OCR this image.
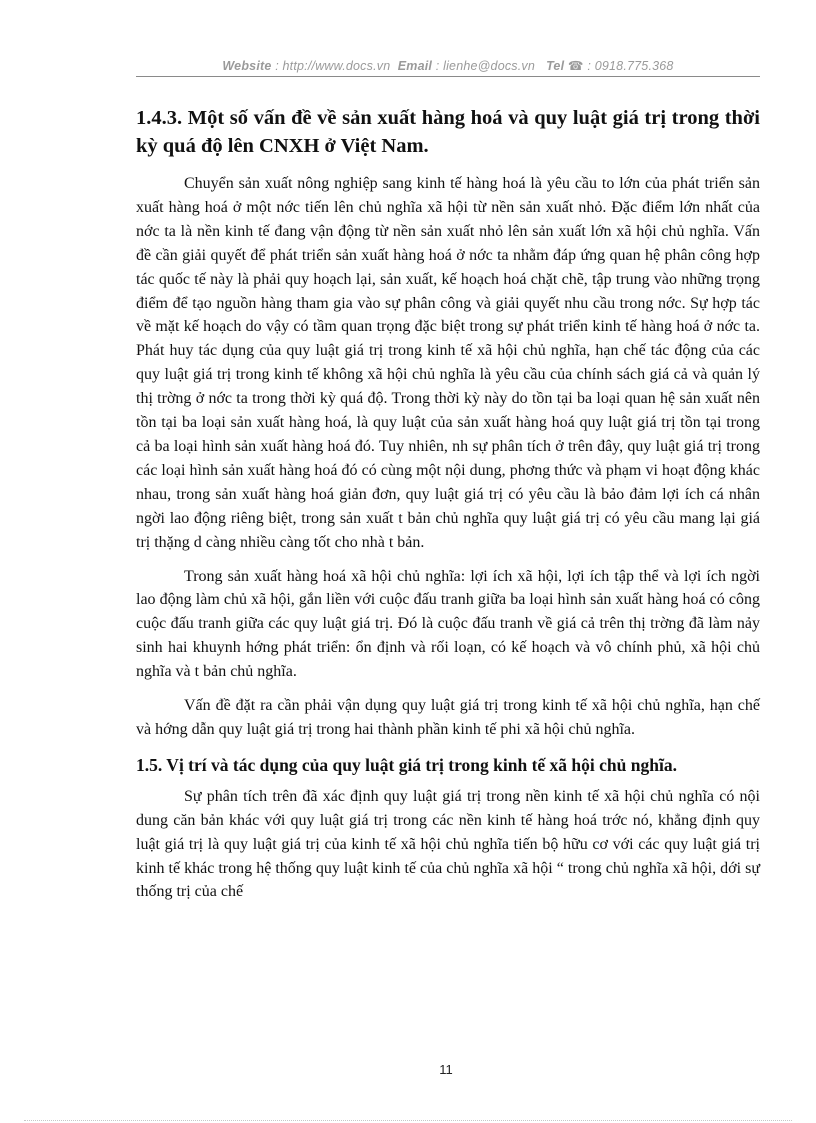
Website : http://www.docs.vn Email : lienhe@docs.vn Tel ☎ : 0918.775.368
1.4.3. Một số vấn đề về sản xuất hàng hoá và quy luật giá trị trong thời kỳ quá độ lên CNXH ở Việt Nam.

Chuyển sản xuất nông nghiệp sang kinh tế hàng hoá là yêu cầu to lớn của phát triển sản xuất hàng hoá ở một nớc tiến lên chủ nghĩa xã hội từ nền sản xuất nhỏ. Đặc điểm lớn nhất của nớc ta là nền kinh tế đang vận động từ nền sản xuất nhỏ lên sản xuất lớn xã hội chủ nghĩa. Vấn đề cần giải quyết để phát triển sản xuất hàng hoá ở nớc ta nhằm đáp ứng quan hệ phân công hợp tác quốc tế này là phải quy hoạch lại, sản xuất, kế hoạch hoá chặt chẽ, tập trung vào những trọng điểm để tạo nguồn hàng tham gia vào sự phân công và giải quyết nhu cầu trong nớc. Sự hợp tác về mặt kế hoạch do vậy có tầm quan trọng đặc biệt trong sự phát triển kinh tế hàng hoá ở nớc ta. Phát huy tác dụng của quy luật giá trị trong kinh tế xã hội chủ nghĩa, hạn chế tác động của các quy luật giá trị trong kinh tế không xã hội chủ nghĩa là yêu cầu của chính sách giá cả và quản lý thị trờng ở nớc ta trong thời kỳ quá độ. Trong thời kỳ này do tồn tại ba loại quan hệ sản xuất nên tồn tại ba loại sản xuất hàng hoá, là quy luật của sản xuất hàng hoá quy luật giá trị tồn tại trong cả ba loại hình sản xuất hàng hoá đó. Tuy nhiên, nh sự phân tích ở trên đây, quy luật giá trị trong các loại hình sản xuất hàng hoá đó có cùng một nội dung, phơng thức và phạm vi hoạt động khác nhau, trong sản xuất hàng hoá giản đơn, quy luật giá trị có yêu cầu là bảo đảm lợi ích cá nhân ngời lao động riêng biệt, trong sản xuất t bản chủ nghĩa quy luật giá trị có yêu cầu mang lại giá trị thặng d càng nhiều càng tốt cho nhà t bản.

Trong sản xuất hàng hoá xã hội chủ nghĩa: lợi ích xã hội, lợi ích tập thể và lợi ích ngời lao động làm chủ xã hội, gắn liền với cuộc đấu tranh giữa ba loại hình sản xuất hàng hoá có công cuộc đấu tranh giữa các quy luật giá trị. Đó là cuộc đấu tranh về giá cả trên thị trờng đã làm nảy sinh hai khuynh hớng phát triển: ổn định và rối loạn, có kế hoạch và vô chính phủ, xã hội chủ nghĩa và t bản chủ nghĩa.

Vấn đề đặt ra cần phải vận dụng quy luật giá trị trong kinh tế xã hội chủ nghĩa, hạn chế và hớng dẫn quy luật giá trị trong hai thành phần kinh tế phi xã hội chủ nghĩa.

1.5. Vị trí và tác dụng của quy luật giá trị trong kinh tế xã hội chủ nghĩa.

Sự phân tích trên đã xác định quy luật giá trị trong nền kinh tế xã hội chủ nghĩa có nội dung căn bản khác với quy luật giá trị trong các nền kinh tế hàng hoá trớc nó, khẳng định quy luật giá trị là quy luật giá trị của kinh tế xã hội chủ nghĩa tiến bộ hữu cơ với các quy luật giá trị kinh tế khác trong hệ thống quy luật kinh tế của chủ nghĩa xã hội “ trong chủ nghĩa xã hội, dới sự thống trị của chế

11
